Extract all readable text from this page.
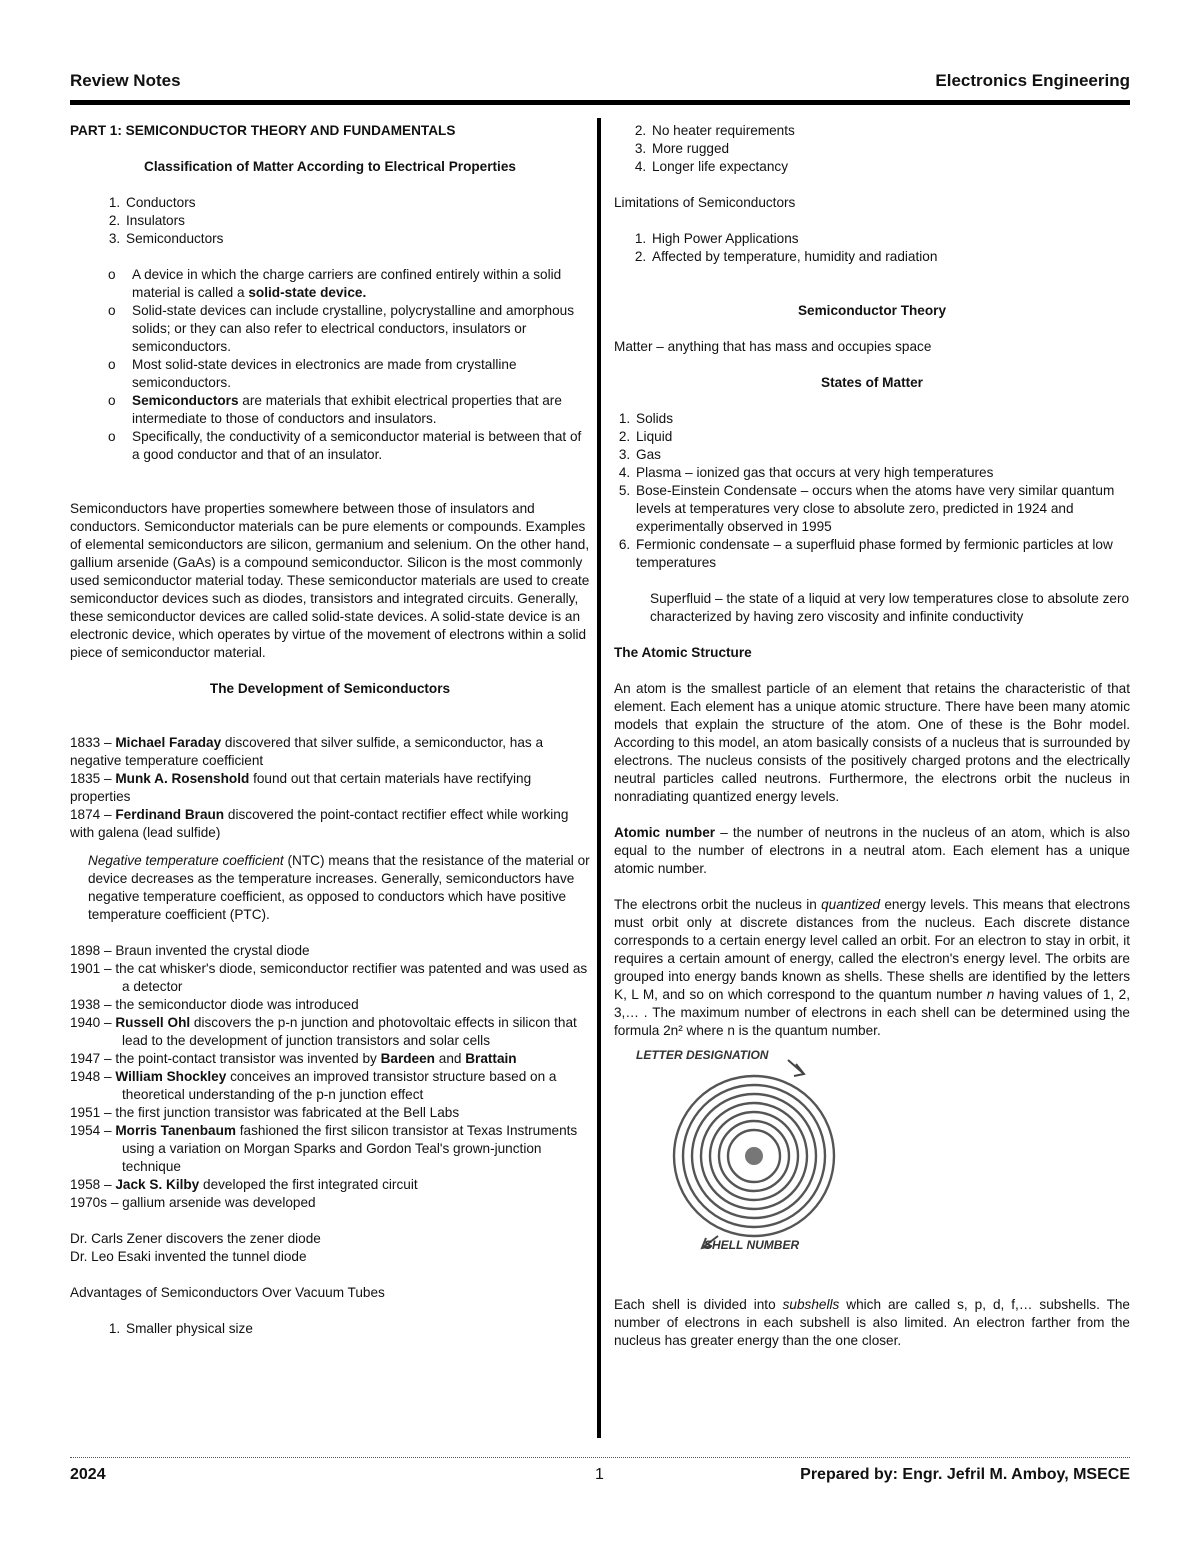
Review Notes	Electronics Engineering

PART 1: SEMICONDUCTOR THEORY AND FUNDAMENTALS

Classification of Matter According to Electrical Properties

1. Conductors
2. Insulators
3. Semiconductors
o A device in which the charge carriers are confined entirely within a solid material is called a solid-state device.
o Solid-state devices can include crystalline, polycrystalline and amorphous solids; or they can also refer to electrical conductors, insulators or semiconductors.
o Most solid-state devices in electronics are made from crystalline semiconductors.
o Semiconductors are materials that exhibit electrical properties that are intermediate to those of conductors and insulators.
o Specifically, the conductivity of a semiconductor material is between that of a good conductor and that of an insulator.

Semiconductors have properties somewhere between those of insulators and conductors. Semiconductor materials can be pure elements or compounds. Examples of elemental semiconductors are silicon, germanium and selenium. On the other hand, gallium arsenide (GaAs) is a compound semiconductor. Silicon is the most commonly used semiconductor material today. These semiconductor materials are used to create semiconductor devices such as diodes, transistors and integrated circuits. Generally, these semiconductor devices are called solid-state devices. A solid-state device is an electronic device, which operates by virtue of the movement of electrons within a solid piece of semiconductor material.

The Development of Semiconductors

1833 – Michael Faraday discovered that silver sulfide, a semiconductor, has a negative temperature coefficient

1835 – Munk A. Rosenshold found out that certain materials have rectifying properties

1874 – Ferdinand Braun discovered the point-contact rectifier effect while working with galena (lead sulfide)

Negative temperature coefficient (NTC) means that the resistance of the material or device decreases as the temperature increases. Generally, semiconductors have negative temperature coefficient, as opposed to conductors which have positive temperature coefficient (PTC).

1898 – Braun invented the crystal diode

1901 – the cat whisker's diode, semiconductor rectifier was patented and was used as a detector

1938 – the semiconductor diode was introduced

1940 – Russell Ohl discovers the p-n junction and photovoltaic effects in silicon that lead to the development of junction transistors and solar cells

1947 – the point-contact transistor was invented by Bardeen and Brattain

1948 – William Shockley conceives an improved transistor structure based on a theoretical understanding of the p-n junction effect

1951 – the first junction transistor was fabricated at the Bell Labs

1954 – Morris Tanenbaum fashioned the first silicon transistor at Texas Instruments using a variation on Morgan Sparks and Gordon Teal's grown-junction technique

1958 – Jack S. Kilby developed the first integrated circuit

1970s – gallium arsenide was developed

Dr. Carls Zener discovers the zener diode

Dr. Leo Esaki invented the tunnel diode

Advantages of Semiconductors Over Vacuum Tubes

1. Smaller physical size
2. No heater requirements
3. More rugged
4. Longer life expectancy

Limitations of Semiconductors

1. High Power Applications
2. Affected by temperature, humidity and radiation

Semiconductor Theory

Matter – anything that has mass and occupies space

States of Matter

1. Solids
2. Liquid
3. Gas
4. Plasma – ionized gas that occurs at very high temperatures
5. Bose-Einstein Condensate – occurs when the atoms have very similar quantum levels at temperatures very close to absolute zero, predicted in 1924 and experimentally observed in 1995
6. Fermionic condensate – a superfluid phase formed by fermionic particles at low temperatures

Superfluid – the state of a liquid at very low temperatures close to absolute zero characterized by having zero viscosity and infinite conductivity

The Atomic Structure

An atom is the smallest particle of an element that retains the characteristic of that element. Each element has a unique atomic structure. There have been many atomic models that explain the structure of the atom. One of these is the Bohr model. According to this model, an atom basically consists of a nucleus that is surrounded by electrons. The nucleus consists of the positively charged protons and the electrically neutral particles called neutrons. Furthermore, the electrons orbit the nucleus in nonradiating quantized energy levels.

Atomic number – the number of neutrons in the nucleus of an atom, which is also equal to the number of electrons in a neutral atom. Each element has a unique atomic number.

The electrons orbit the nucleus in quantized energy levels. This means that electrons must orbit only at discrete distances from the nucleus. Each discrete distance corresponds to a certain energy level called an orbit. For an electron to stay in orbit, it requires a certain amount of energy, called the electron's energy level. The orbits are grouped into energy bands known as shells. These shells are identified by the letters K, L M, and so on which correspond to the quantum number n having values of 1, 2, 3,… . The maximum number of electrons in each shell can be determined using the formula 2n² where n is the quantum number.

LETTER DESIGNATION
SHELL NUMBER

Each shell is divided into subshells which are called s, p, d, f,… subshells. The number of electrons in each subshell is also limited. An electron farther from the nucleus has greater energy than the one closer.

2024	1	Prepared by: Engr. Jefril M. Amboy, MSECE
